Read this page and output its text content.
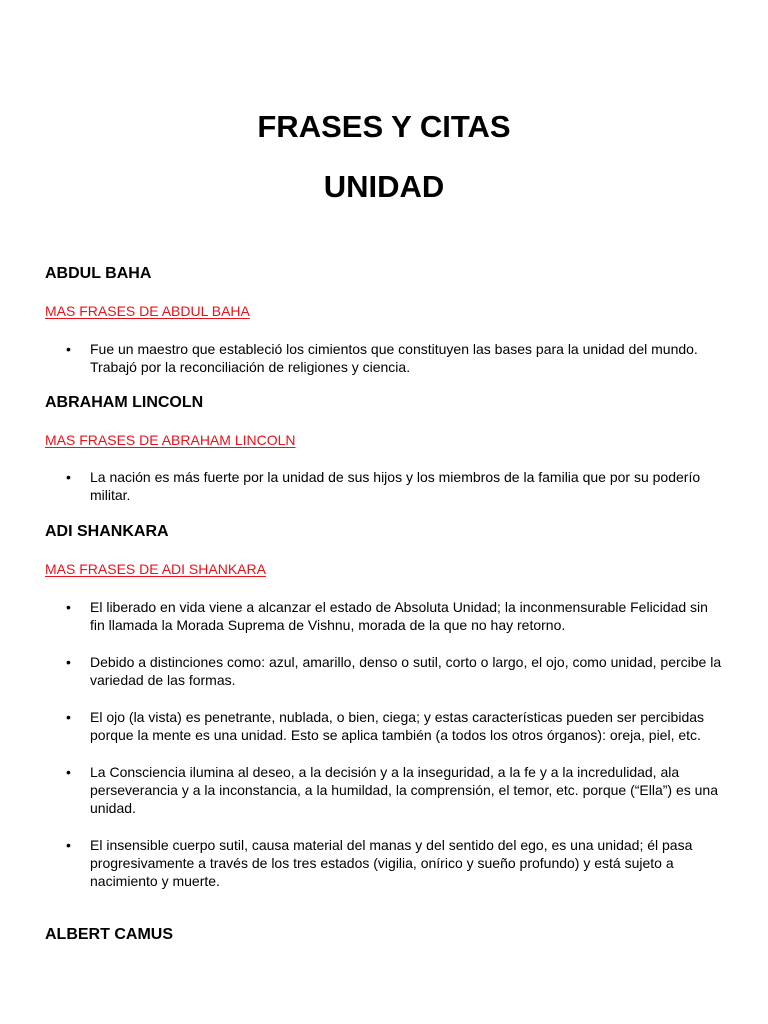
FRASES Y CITAS
UNIDAD
ABDUL BAHA
MAS FRASES DE ABDUL BAHA
• Fue un maestro que estableció los cimientos que constituyen las bases para la unidad del mundo. Trabajó por la reconciliación de religiones y ciencia.
ABRAHAM LINCOLN
MAS FRASES DE ABRAHAM LINCOLN
• La nación es más fuerte por la unidad de sus hijos y los miembros de la familia que por su poderío militar.
ADI SHANKARA
MAS FRASES DE ADI SHANKARA
• El liberado en vida viene a alcanzar el estado de Absoluta Unidad; la inconmensurable Felicidad sin fin llamada la Morada Suprema de Vishnu, morada de la que no hay retorno.
• Debido a distinciones como: azul, amarillo, denso o sutil, corto o largo, el ojo, como unidad, percibe la variedad de las formas.
• El ojo (la vista) es penetrante, nublada, o bien, ciega; y estas características pueden ser percibidas porque la mente es una unidad. Esto se aplica también (a todos los otros órganos): oreja, piel, etc.
• La Consciencia ilumina al deseo, a la decisión y a la inseguridad, a la fe y a la incredulidad, ala perseverancia y a la inconstancia, a la humildad, la comprensión, el temor, etc. porque (“Ella”) es una unidad.
• El insensible cuerpo sutil, causa material del manas y del sentido del ego, es una unidad; él pasa progresivamente a través de los tres estados (vigilia, onírico y sueño profundo) y está sujeto a nacimiento y muerte.
ALBERT CAMUS
